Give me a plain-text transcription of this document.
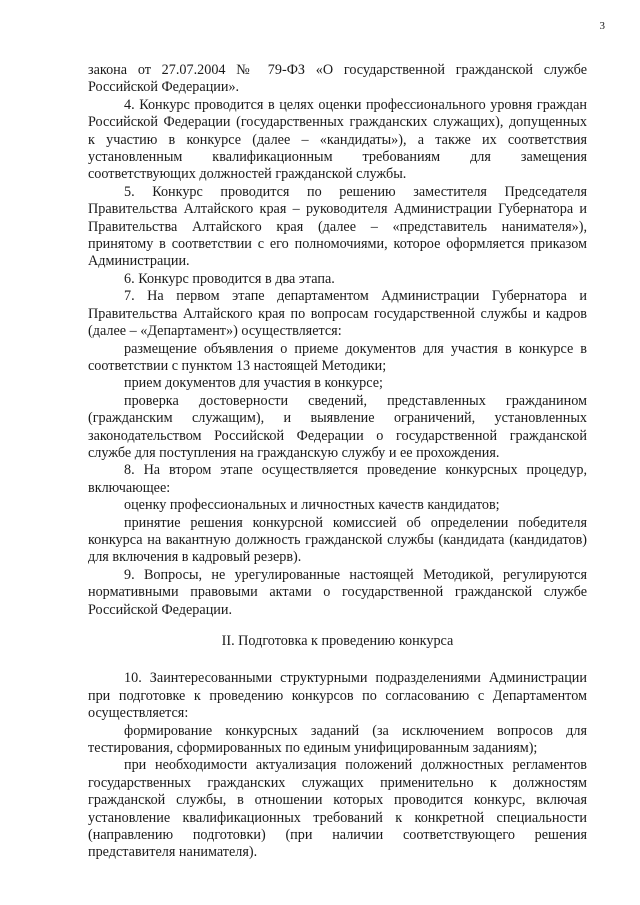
3

закона от 27.07.2004 № 79-ФЗ «О государственной гражданской службе Российской Федерации».

4. Конкурс проводится в целях оценки профессионального уровня граждан Российской Федерации (государственных гражданских служащих), допущенных к участию в конкурсе (далее – «кандидаты»), а также их соответствия установленным квалификационным требованиям для замещения соответствующих должностей гражданской службы.

5. Конкурс проводится по решению заместителя Председателя Правительства Алтайского края – руководителя Администрации Губернатора и Правительства Алтайского края (далее – «представитель нанимателя»), принятому в соответствии с его полномочиями, которое оформляется приказом Администрации.

6. Конкурс проводится в два этапа.

7. На первом этапе департаментом Администрации Губернатора и Правительства Алтайского края по вопросам государственной службы и кадров (далее – «Департамент») осуществляется:

размещение объявления о приеме документов для участия в конкурсе в соответствии с пунктом 13 настоящей Методики;

прием документов для участия в конкурсе;

проверка достоверности сведений, представленных гражданином (гражданским служащим), и выявление ограничений, установленных законодательством Российской Федерации о государственной гражданской службе для поступления на гражданскую службу и ее прохождения.

8. На втором этапе осуществляется проведение конкурсных процедур, включающее:

оценку профессиональных и личностных качеств кандидатов;

принятие решения конкурсной комиссией об определении победителя конкурса на вакантную должность гражданской службы (кандидата (кандидатов) для включения в кадровый резерв).

9. Вопросы, не урегулированные настоящей Методикой, регулируются нормативными правовыми актами о государственной гражданской службе Российской Федерации.

II. Подготовка к проведению конкурса

10. Заинтересованными структурными подразделениями Администрации при подготовке к проведению конкурсов по согласованию с Департаментом осуществляется:

формирование конкурсных заданий (за исключением вопросов для тестирования, сформированных по единым унифицированным заданиям);

при необходимости актуализация положений должностных регламентов государственных гражданских служащих применительно к должностям гражданской службы, в отношении которых проводится конкурс, включая установление квалификационных требований к конкретной специальности (направлению подготовки) (при наличии соответствующего решения представителя нанимателя).
